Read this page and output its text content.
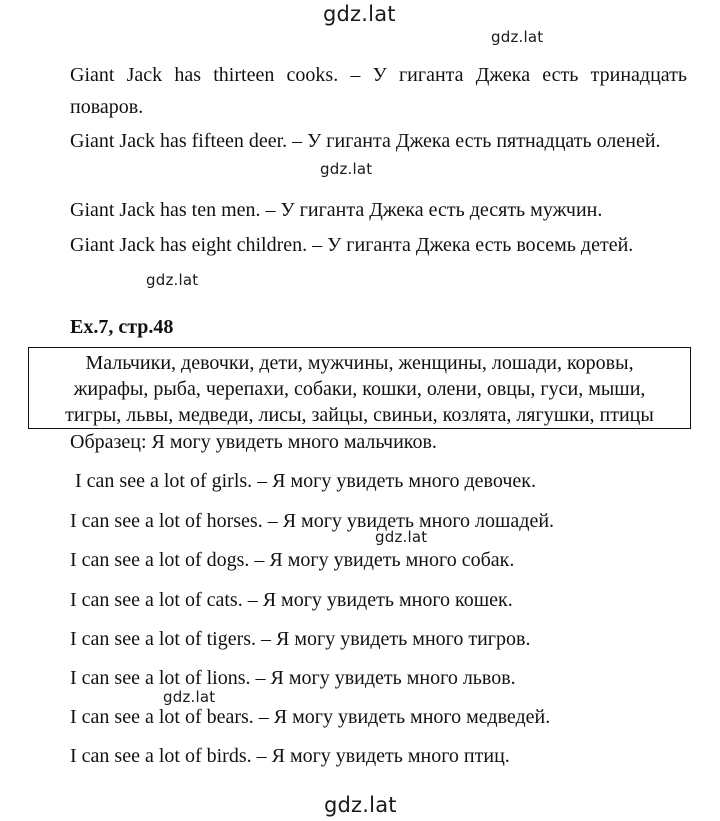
gdz.lat
gdz.lat
gdz.lat
gdz.lat
gdz.lat
gdz.lat
gdz.lat
Giant Jack has thirteen cooks. – У гиганта Джека есть тринадцать поваров.
Giant Jack has fifteen deer. – У гиганта Джека есть пятнадцать оленей.
Giant Jack has ten men. – У гиганта Джека есть десять мужчин.
Giant Jack has eight children. – У гиганта Джека есть восемь детей.
Ex.7, стр.48
Мальчики, девочки, дети, мужчины, женщины, лошади, коровы,
жирафы, рыба, черепахи, собаки, кошки, олени, овцы, гуси, мыши,
тигры, львы, медведи, лисы, зайцы, свиньи, козлята, лягушки, птицы
Образец: Я могу увидеть много мальчиков.
I can see a lot of girls. – Я могу увидеть много девочек.
I can see a lot of horses. – Я могу увидеть много лошадей.
I can see a lot of dogs. – Я могу увидеть много собак.
I can see a lot of cats. – Я могу увидеть много кошек.
I can see a lot of tigers. – Я могу увидеть много тигров.
I can see a lot of lions. – Я могу увидеть много львов.
I can see a lot of bears. – Я могу увидеть много медведей.
I can see a lot of birds. – Я могу увидеть много птиц.
